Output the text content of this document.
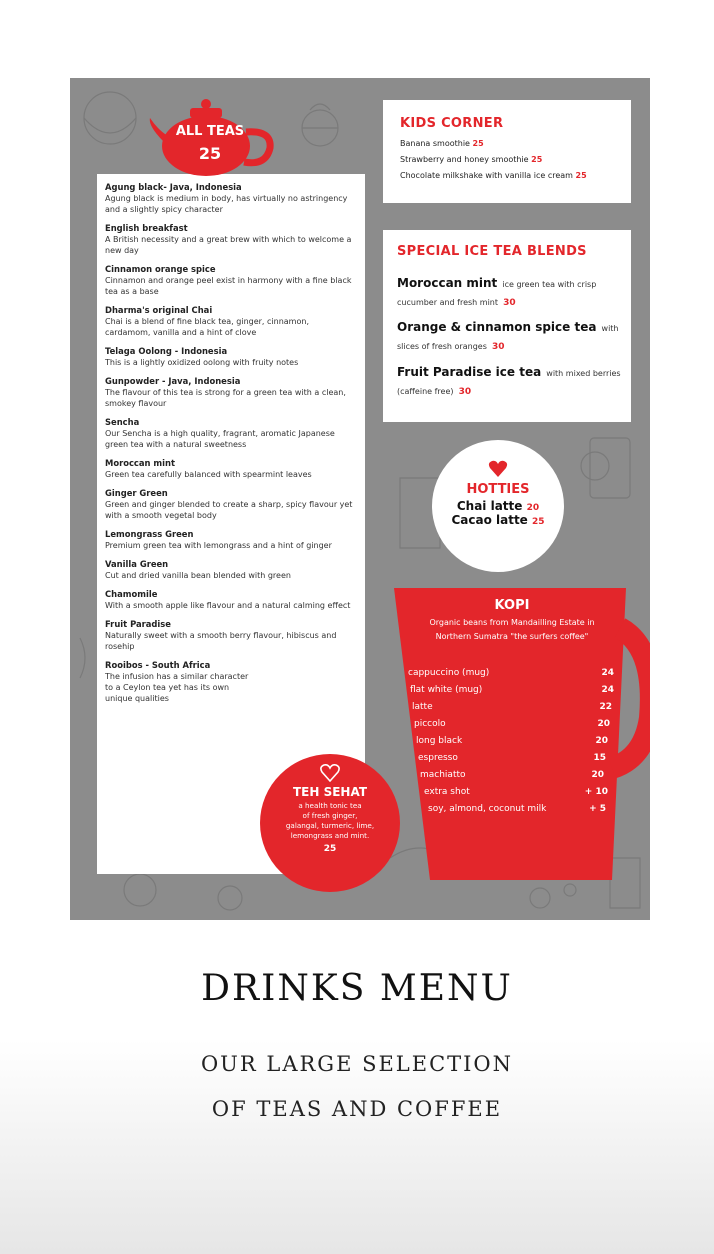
Agung black- Java, Indonesia
Agung black is medium in body, has virtually no astringency and a slightly spicy character
English breakfast
A British necessity and a great brew with which to welcome a new day
Cinnamon orange spice
Cinnamon and orange peel exist in harmony with a fine black tea as a base
Dharma's original Chai
Chai is a blend of fine black tea, ginger, cinnamon, cardamom, vanilla and a hint of clove
Telaga Oolong - Indonesia
This is a lightly oxidized oolong with fruity notes
Gunpowder - Java, Indonesia
The flavour of this tea is strong for a green tea with a clean, smokey flavour
Sencha
Our Sencha is a high quality, fragrant, aromatic Japanese green tea with a natural sweetness
Moroccan mint
Green tea carefully balanced with spearmint leaves
Ginger Green
Green and ginger blended to create a sharp, spicy flavour yet with a smooth vegetal body
Lemongrass Green
Premium green tea with lemongrass and a hint of ginger
Vanilla Green
Cut and dried vanilla bean blended with green
Chamomile
With a smooth apple like flavour and a natural calming effect
Fruit Paradise
Naturally sweet with a smooth berry flavour, hibiscus and rosehip
Rooibos - South Africa
The infusion has a similar character to a Ceylon tea yet has its own unique qualities
ALL TEAS
25
KIDS CORNER
Banana smoothie 25
Strawberry and honey smoothie 25
Chocolate milkshake with vanilla ice cream 25
SPECIAL ICE TEA BLENDS
Moroccan mint ice green tea with crisp cucumber and fresh mint 30
Orange & cinnamon spice tea with slices of fresh oranges 30
Fruit Paradise ice tea with mixed berries (caffeine free) 30
HOTTIES
Chai latte 20
Cacao latte 25
KOPI
Organic beans from Mandailling Estate in
Northern Sumatra "the surfers coffee"
cappuccino (mug)	24
flat white (mug)	24
latte	22
piccolo	20
long black	20
espresso	15
machiatto	20
extra shot	+ 10
soy, almond, coconut milk	+ 5
TEH SEHAT
a health tonic tea
of fresh ginger,
galangal, turmeric, lime,
lemongrass and mint.
25
DRINKS MENU
OUR LARGE SELECTION
OF TEAS AND COFFEE
